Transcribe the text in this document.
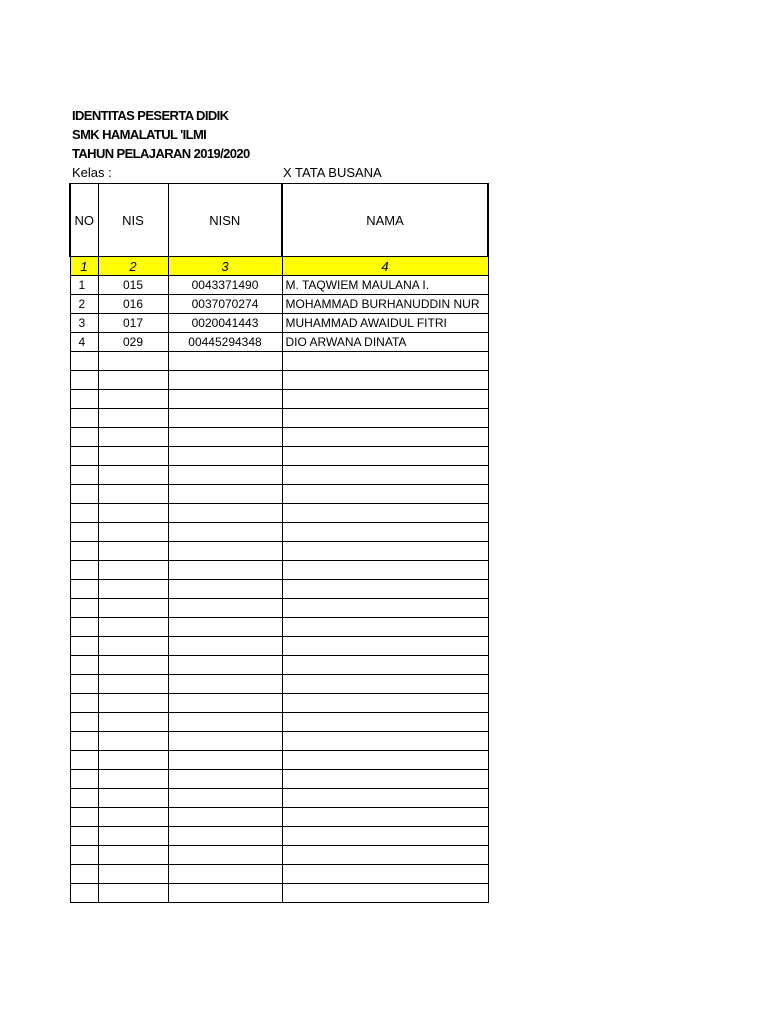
IDENTITAS PESERTA DIDIK
SMK HAMALATUL 'ILMI
TAHUN PELAJARAN 2019/2020
Kelas :	X TATA BUSANA
NO	NIS	NISN	NAMA
1	2	3	4
1	015	0043371490	M. TAQWIEM MAULANA I.
2	016	0037070274	MOHAMMAD BURHANUDDIN NUR
3	017	0020041443	MUHAMMAD AWAIDUL FITRI
4	029	00445294348	DIO ARWANA DINATA
